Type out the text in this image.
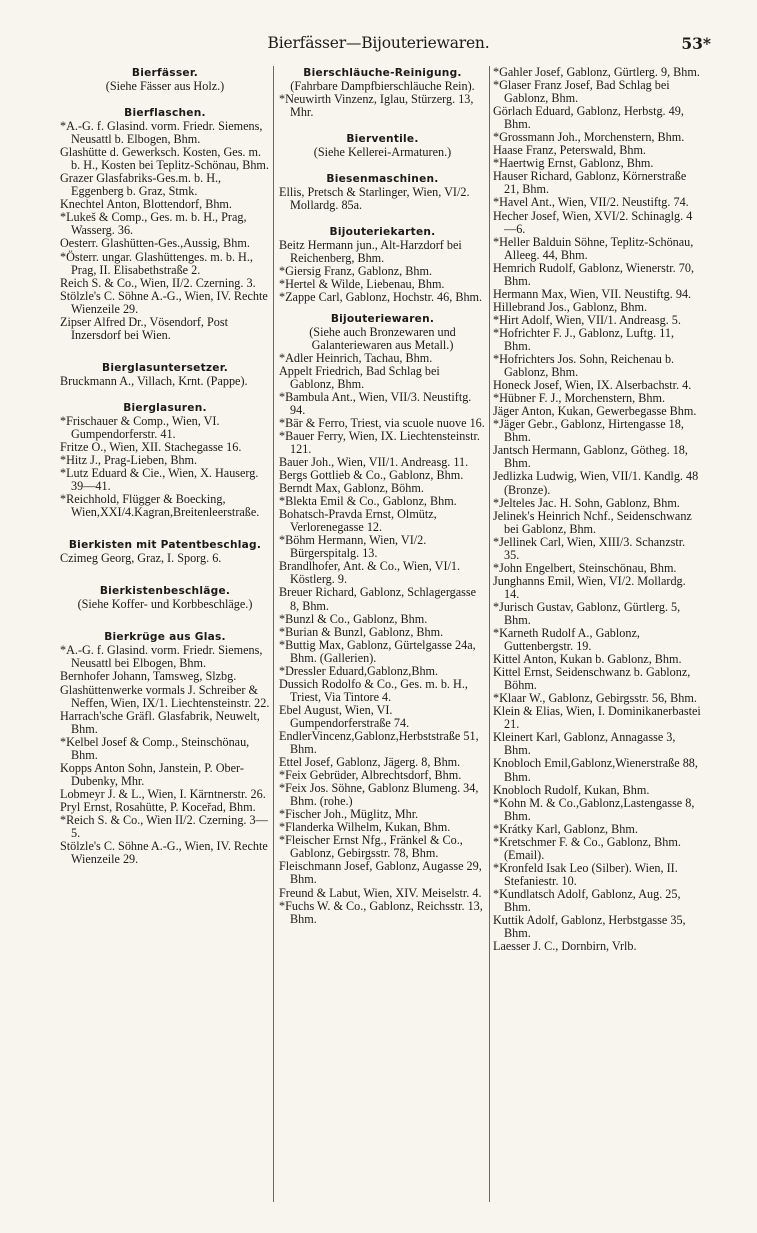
Bierfässer—Bijouteriewaren.	53*
Bierfässer.
(Siehe Fässer aus Holz.)
Bierflaschen.
*A.-G. f. Glasind. vorm. Friedr. Siemens, Neusattl b. Elbogen, Bhm.
Glashütte d. Gewerksch. Kosten, Ges. m. b. H., Kosten bei Teplitz-Schönau, Bhm.
Grazer Glasfabriks-Ges.m. b. H., Eggenberg b. Graz, Stmk.
Knechtel Anton, Blottendorf, Bhm.
*Lukeš & Comp., Ges. m. b. H., Prag, Wasserg. 36.
Oesterr. Glashütten-Ges.,Aussig, Bhm.
*Österr. ungar. Glashüttenges. m. b. H., Prag, II. Elisabethstraße 2.
Reich S. & Co., Wien, II/2. Czerning. 3.
Stölzle's C. Söhne A.-G., Wien, IV. Rechte Wienzeile 29.
Zipser Alfred Dr., Vösendorf, Post Inzersdorf bei Wien.
Bierglasuntersetzer.
Bruckmann A., Villach, Krnt. (Pappe).
Bierglasuren.
*Frischauer & Comp., Wien, VI. Gumpendorferstr. 41.
Fritze O., Wien, XII. Stachegasse 16.
*Hitz J., Prag-Lieben, Bhm.
*Lutz Eduard & Cie., Wien, X. Hauserg. 39—41.
*Reichhold, Flügger & Boecking, Wien,XXI/4.Kagran,Breitenleerstraße.
Bierkisten mit Patentbeschlag.
Czimeg Georg, Graz, I. Sporg. 6.
Bierkistenbeschläge.
(Siehe Koffer- und Korbbeschläge.)
Bierkrüge aus Glas.
*A.-G. f. Glasind. vorm. Friedr. Siemens, Neusattl bei Elbogen, Bhm.
Bernhofer Johann, Tamsweg, Slzbg.
Glashüttenwerke vormals J. Schreiber & Neffen, Wien, IX/1. Liechtensteinstr. 22.
Harrach'sche Gräfl. Glasfabrik, Neuwelt, Bhm.
*Kelbel Josef & Comp., Steinschönau, Bhm.
Kopps Anton Sohn, Janstein, P. Ober-Dubenky, Mhr.
Lobmeyr J. & L., Wien, I. Kärntnerstr. 26.
Pryl Ernst, Rosahütte, P. Koceřad, Bhm.
*Reich S. & Co., Wien II/2. Czerning. 3—5.
Stölzle's C. Söhne A.-G., Wien, IV. Rechte Wienzeile 29.
Bierschläuche-Reinigung.
(Fahrbare Dampfbierschläuche Rein).
*Neuwirth Vinzenz, Iglau, Stürzerg. 13, Mhr.
Bierventile.
(Siehe Kellerei-Armaturen.)
Biesenmaschinen.
Ellis, Pretsch & Starlinger, Wien, VI/2. Mollardg. 85a.
Bijouteriekarten.
Beitz Hermann jun., Alt-Harzdorf bei Reichenberg, Bhm.
*Giersig Franz, Gablonz, Bhm.
*Hertel & Wilde, Liebenau, Bhm.
*Zappe Carl, Gablonz, Hochstr. 46, Bhm.
Bijouteriewaren.
(Siehe auch Bronzewaren und Galanteriewaren aus Metall.)
*Adler Heinrich, Tachau, Bhm.
Appelt Friedrich, Bad Schlag bei Gablonz, Bhm.
*Bambula Ant., Wien, VII/3. Neustiftg. 94.
*Bär & Ferro, Triest, via scuole nuove 16.
*Bauer Ferry, Wien, IX. Liechtensteinstr. 121.
Bauer Joh., Wien, VII/1. Andreasg. 11.
Bergs Gottlieb & Co., Gablonz, Bhm.
Berndt Max, Gablonz, Böhm.
*Blekta Emil & Co., Gablonz, Bhm.
Bohatsch-Pravda Ernst, Olmütz, Verlorenegasse 12.
*Böhm Hermann, Wien, VI/2. Bürgerspitalg. 13.
Brandlhofer, Ant. & Co., Wien, VI/1. Köstlerg. 9.
Breuer Richard, Gablonz, Schlagergasse 8, Bhm.
*Bunzl & Co., Gablonz, Bhm.
*Burian & Bunzl, Gablonz, Bhm.
*Buttig Max, Gablonz, Gürtelgasse 24a, Bhm. (Gallerien).
*Dressler Eduard,Gablonz,Bhm.
Dussich Rodolfo & Co., Ges. m. b. H., Triest, Via Tintore 4.
Ebel August, Wien, VI. Gumpendorferstraße 74.
EndlerVincenz,Gablonz,Herbststraße 51, Bhm.
Ettel Josef, Gablonz, Jägerg. 8, Bhm.
*Feix Gebrüder, Albrechtsdorf, Bhm.
*Feix Jos. Söhne, Gablonz Blumeng. 34, Bhm. (rohe.)
*Fischer Joh., Müglitz, Mhr.
*Flanderka Wilhelm, Kukan, Bhm.
*Fleischer Ernst Nfg., Fränkel & Co., Gablonz, Gebirgsstr. 78, Bhm.
Fleischmann Josef, Gablonz, Augasse 29, Bhm.
Freund & Labut, Wien, XIV. Meiselstr. 4.
*Fuchs W. & Co., Gablonz, Reichsstr. 13, Bhm.
*Gahler Josef, Gablonz, Gürtlerg. 9, Bhm.
*Glaser Franz Josef, Bad Schlag bei Gablonz, Bhm.
Görlach Eduard, Gablonz, Herbstg. 49, Bhm.
*Grossmann Joh., Morchenstern, Bhm.
Haase Franz, Peterswald, Bhm.
*Haertwig Ernst, Gablonz, Bhm.
Hauser Richard, Gablonz, Körnerstraße 21, Bhm.
*Havel Ant., Wien, VII/2. Neustiftg. 74.
Hecher Josef, Wien, XVI/2. Schinaglg. 4—6.
*Heller Balduin Söhne, Teplitz-Schönau, Alleeg. 44, Bhm.
Hemrich Rudolf, Gablonz, Wienerstr. 70, Bhm.
Hermann Max, Wien, VII. Neustiftg. 94.
Hillebrand Jos., Gablonz, Bhm.
*Hirt Adolf, Wien, VII/1. Andreasg. 5.
*Hofrichter F. J., Gablonz, Luftg. 11, Bhm.
*Hofrichters Jos. Sohn, Reichenau b. Gablonz, Bhm.
Honeck Josef, Wien, IX. Alserbachstr. 4.
*Hübner F. J., Morchenstern, Bhm.
Jäger Anton, Kukan, Gewerbegasse Bhm.
*Jäger Gebr., Gablonz, Hirtengasse 18, Bhm.
Jantsch Hermann, Gablonz, Götheg. 18, Bhm.
Jedlizka Ludwig, Wien, VII/1. Kandlg. 48 (Bronze).
*Jelteles Jac. H. Sohn, Gablonz, Bhm.
Jelinek's Heinrich Nchf., Seidenschwanz bei Gablonz, Bhm.
*Jellinek Carl, Wien, XIII/3. Schanzstr. 35.
*John Engelbert, Steinschönau, Bhm.
Junghanns Emil, Wien, VI/2. Mollardg. 14.
*Jurisch Gustav, Gablonz, Gürtlerg. 5, Bhm.
*Karneth Rudolf A., Gablonz, Guttenbergstr. 19.
Kittel Anton, Kukan b. Gablonz, Bhm.
Kittel Ernst, Seidenschwanz b. Gablonz, Böhm.
*Klaar W., Gablonz, Gebirgsstr. 56, Bhm.
Klein & Elias, Wien, I. Dominikanerbastei 21.
Kleinert Karl, Gablonz, Annagasse 3, Bhm.
Knobloch Emil,Gablonz,Wienerstraße 88, Bhm.
Knobloch Rudolf, Kukan, Bhm.
*Kohn M. & Co.,Gablonz,Lastengasse 8, Bhm.
*Krátky Karl, Gablonz, Bhm.
*Kretschmer F. & Co., Gablonz, Bhm. (Email).
*Kronfeld Isak Leo (Silber). Wien, II. Stefaniestr. 10.
*Kundlatsch Adolf, Gablonz, Aug. 25, Bhm.
Kuttik Adolf, Gablonz, Herbstgasse 35, Bhm.
Laesser J. C., Dornbirn, Vrlb.
